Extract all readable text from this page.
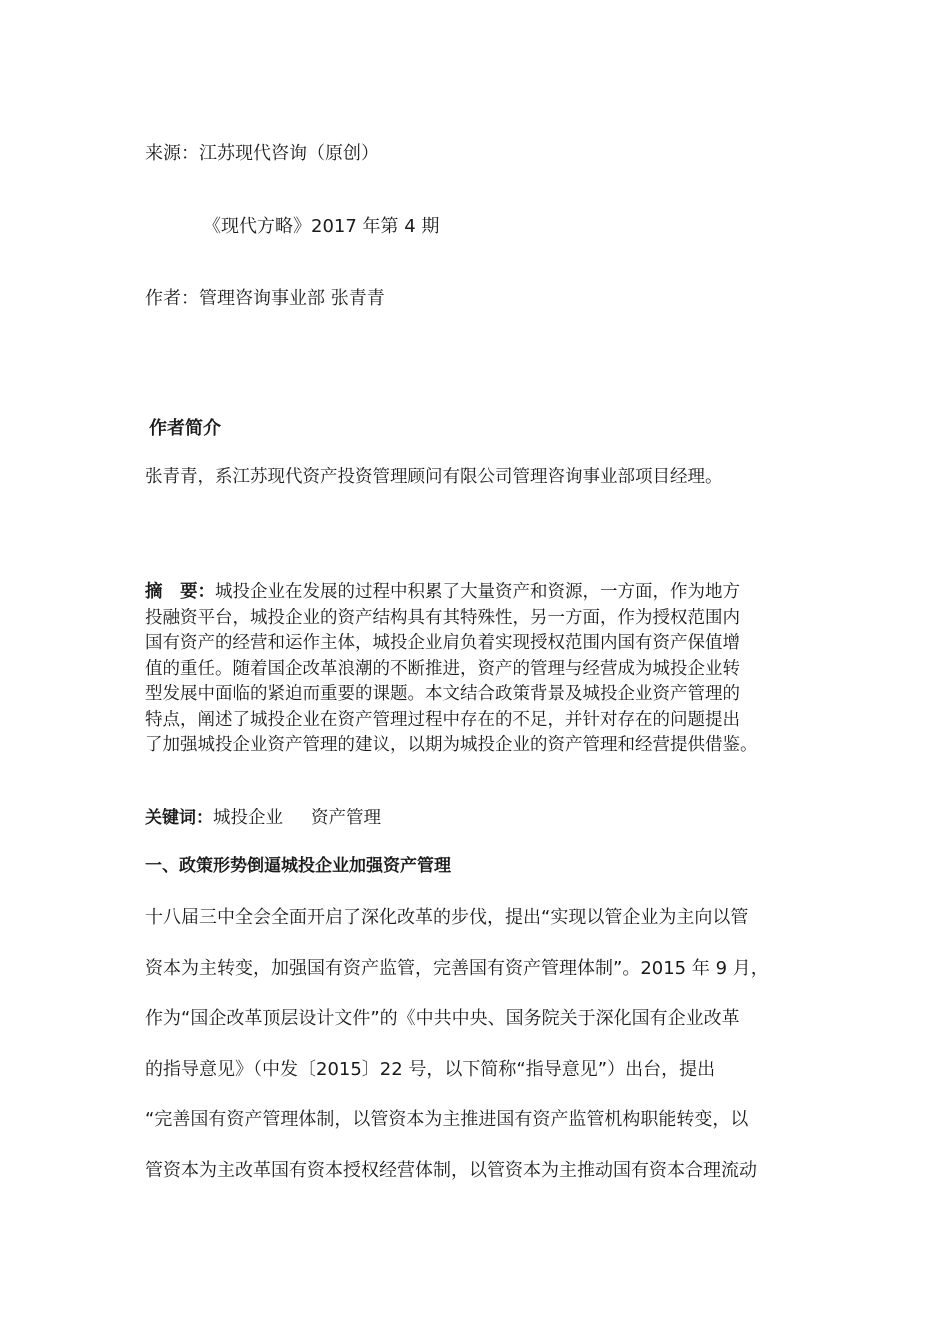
来源：江苏现代咨询（原创）
《现代方略》2017 年第 4 期
作者：管理咨询事业部 张青青
作者简介
张青青，系江苏现代资产投资管理顾问有限公司管理咨询事业部项目经理。
摘　要：城投企业在发展的过程中积累了大量资产和资源，一方面，作为地方
投融资平台，城投企业的资产结构具有其特殊性，另一方面，作为授权范围内
国有资产的经营和运作主体，城投企业肩负着实现授权范围内国有资产保值增
值的重任。随着国企改革浪潮的不断推进，资产的管理与经营成为城投企业转
型发展中面临的紧迫而重要的课题。本文结合政策背景及城投企业资产管理的
特点，阐述了城投企业在资产管理过程中存在的不足，并针对存在的问题提出
了加强城投企业资产管理的建议，以期为城投企业的资产管理和经营提供借鉴。
关键词：城投企业 资产管理
一、政策形势倒逼城投企业加强资产管理
十八届三中全会全面开启了深化改革的步伐，提出“实现以管企业为主向以管
资本为主转变，加强国有资产监管，完善国有资产管理体制”。2015 年 9 月，
作为“国企改革顶层设计文件”的《中共中央、国务院关于深化国有企业改革
的指导意见》（中发〔2015〕22 号，以下简称“指导意见”）出台，提出
“完善国有资产管理体制，以管资本为主推进国有资产监管机构职能转变，以
管资本为主改革国有资本授权经营体制，以管资本为主推动国有资本合理流动
